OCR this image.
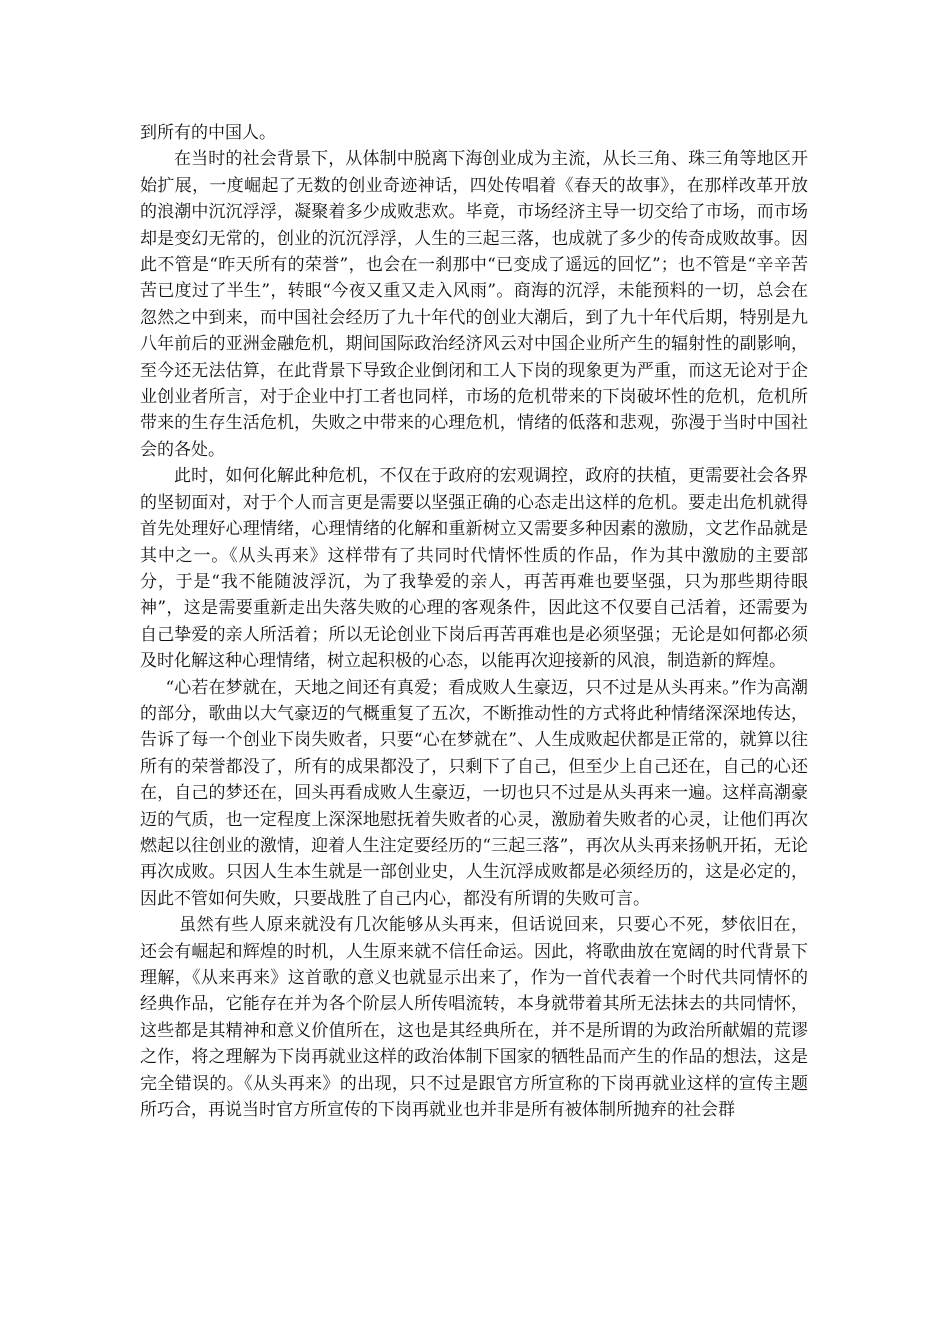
到所有的中国人。

在当时的社会背景下，从体制中脱离下海创业成为主流，从长三角、珠三角等地区开始扩展，一度崛起了无数的创业奇迹神话，四处传唱着《春天的故事》，在那样改革开放的浪潮中沉沉浮浮，凝聚着多少成败悲欢。毕竟，市场经济主导一切交给了市场，而市场却是变幻无常的，创业的沉沉浮浮，人生的三起三落，也成就了多少的传奇成败故事。因此不管是“昨天所有的荣誉”，也会在一刹那中“已变成了遥远的回忆”；也不管是“辛辛苦苦已度过了半生”，转眼“今夜又重又走入风雨”。商海的沉浮，未能预料的一切，总会在忽然之中到来，而中国社会经历了九十年代的创业大潮后，到了九十年代后期，特别是九八年前后的亚洲金融危机，期间国际政治经济风云对中国企业所产生的辐射性的副影响，至今还无法估算，在此背景下导致企业倒闭和工人下岗的现象更为严重，而这无论对于企业创业者所言，对于企业中打工者也同样，市场的危机带来的下岗破坏性的危机，危机所带来的生存生活危机，失败之中带来的心理危机，情绪的低落和悲观，弥漫于当时中国社会的各处。

此时，如何化解此种危机，不仅在于政府的宏观调控，政府的扶植，更需要社会各界的坚韧面对，对于个人而言更是需要以坚强正确的心态走出这样的危机。要走出危机就得首先处理好心理情绪，心理情绪的化解和重新树立又需要多种因素的激励，文艺作品就是其中之一。《从头再来》这样带有了共同时代情怀性质的作品，作为其中激励的主要部分，于是“我不能随波浮沉，为了我挚爱的亲人，再苦再难也要坚强，只为那些期待眼神”，这是需要重新走出失落失败的心理的客观条件，因此这不仅要自己活着，还需要为自己挚爱的亲人所活着；所以无论创业下岗后再苦再难也是必须坚强；无论是如何都必须及时化解这种心理情绪，树立起积极的心态，以能再次迎接新的风浪，制造新的辉煌。

“心若在梦就在，天地之间还有真爱；看成败人生豪迈，只不过是从头再来。”作为高潮的部分，歌曲以大气豪迈的气概重复了五次，不断推动性的方式将此种情绪深深地传达，告诉了每一个创业下岗失败者，只要“心在梦就在”、人生成败起伏都是正常的，就算以往所有的荣誉都没了，所有的成果都没了，只剩下了自己，但至少上自己还在，自己的心还在，自己的梦还在，回头再看成败人生豪迈，一切也只不过是从头再来一遍。这样高潮豪迈的气质，也一定程度上深深地慰抚着失败者的心灵，激励着失败者的心灵，让他们再次燃起以往创业的激情，迎着人生注定要经历的“三起三落”，再次从头再来扬帆开拓，无论再次成败。只因人生本生就是一部创业史，人生沉浮成败都是必须经历的，这是必定的，因此不管如何失败，只要战胜了自己内心，都没有所谓的失败可言。

虽然有些人原来就没有几次能够从头再来，但话说回来，只要心不死，梦依旧在，还会有崛起和辉煌的时机，人生原来就不信任命运。因此，将歌曲放在宽阔的时代背景下理解，《从来再来》这首歌的意义也就显示出来了，作为一首代表着一个时代共同情怀的经典作品，它能存在并为各个阶层人所传唱流转，本身就带着其所无法抹去的共同情怀，这些都是其精神和意义价值所在，这也是其经典所在，并不是所谓的为政治所献媚的荒谬之作，将之理解为下岗再就业这样的政治体制下国家的牺牲品而产生的作品的想法，这是完全错误的。《从头再来》的出现，只不过是跟官方所宣称的下岗再就业这样的宣传主题所巧合，再说当时官方所宣传的下岗再就业也并非是所有被体制所抛弃的社会群
